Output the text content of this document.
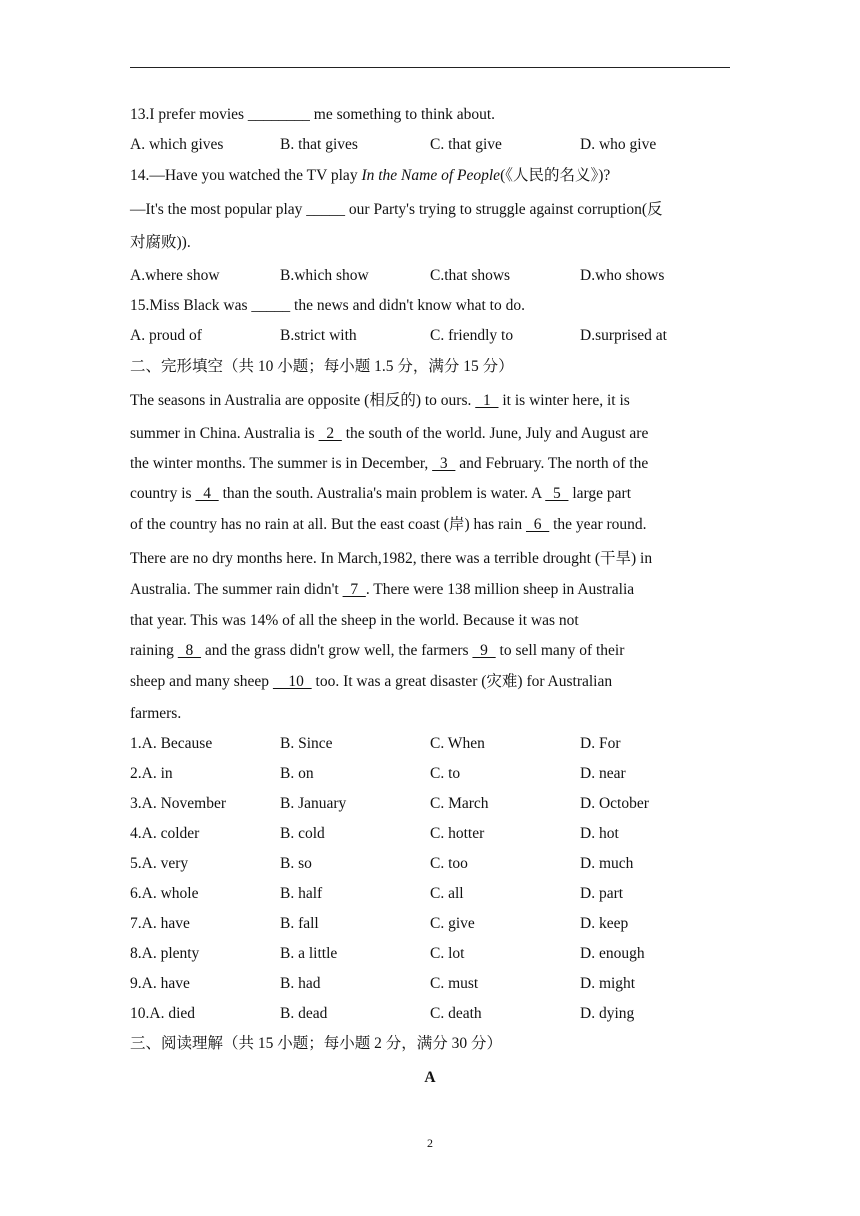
13.I prefer movies ________ me something to think about.
A. which gives	B. that gives	C. that give	D. who give
14.—Have you watched the TV play In the Name of People(《人民的名义》)?
—It's the most popular play _____ our Party's trying to struggle against corruption(反
对腐败)).
A.where show	B.which show	C.that shows	D.who shows
15.Miss Black was _____ the news and didn't know what to do.
A. proud of	B.strict with	C. friendly to	D.surprised at
二、完形填空（共 10 小题；每小题 1.5 分，满分 15 分）
The seasons in Australia are opposite (相反的) to ours.   1   it is winter here, it is
summer in China. Australia is   2   the south of the world. June, July and August are
the winter months. The summer is in December,   3   and February. The north of the
country is   4   than the south. Australia's main problem is water. A   5   large part
of the country has no rain at all. But the east coast (岸) has rain   6   the year round.
There are no dry months here. In March,1982, there was a terrible drought (干旱) in
Australia. The summer rain didn't   7  . There were 138 million sheep in Australia
that year. This was 14% of all the sheep in the world. Because it was not
raining   8   and the grass didn't grow well, the farmers   9   to sell many of their
sheep and many sheep     10   too. It was a great disaster (灾难) for Australian
farmers.
1.A. Because	B. Since	C. When	D. For
2.A. in	B. on	C. to	D. near
3.A. November	B. January	C. March	D. October
4.A. colder	B. cold	C. hotter	D. hot
5.A. very	B. so	C. too	D. much
6.A. whole	B. half	C. all	D. part
7.A. have	B. fall	C. give	D. keep
8.A. plenty	B. a little	C. lot	D. enough
9.A. have	B. had	C. must	D. might
10.A. died	B. dead	C. death	D. dying
三、阅读理解（共 15 小题；每小题 2 分，满分 30 分）
A
2
